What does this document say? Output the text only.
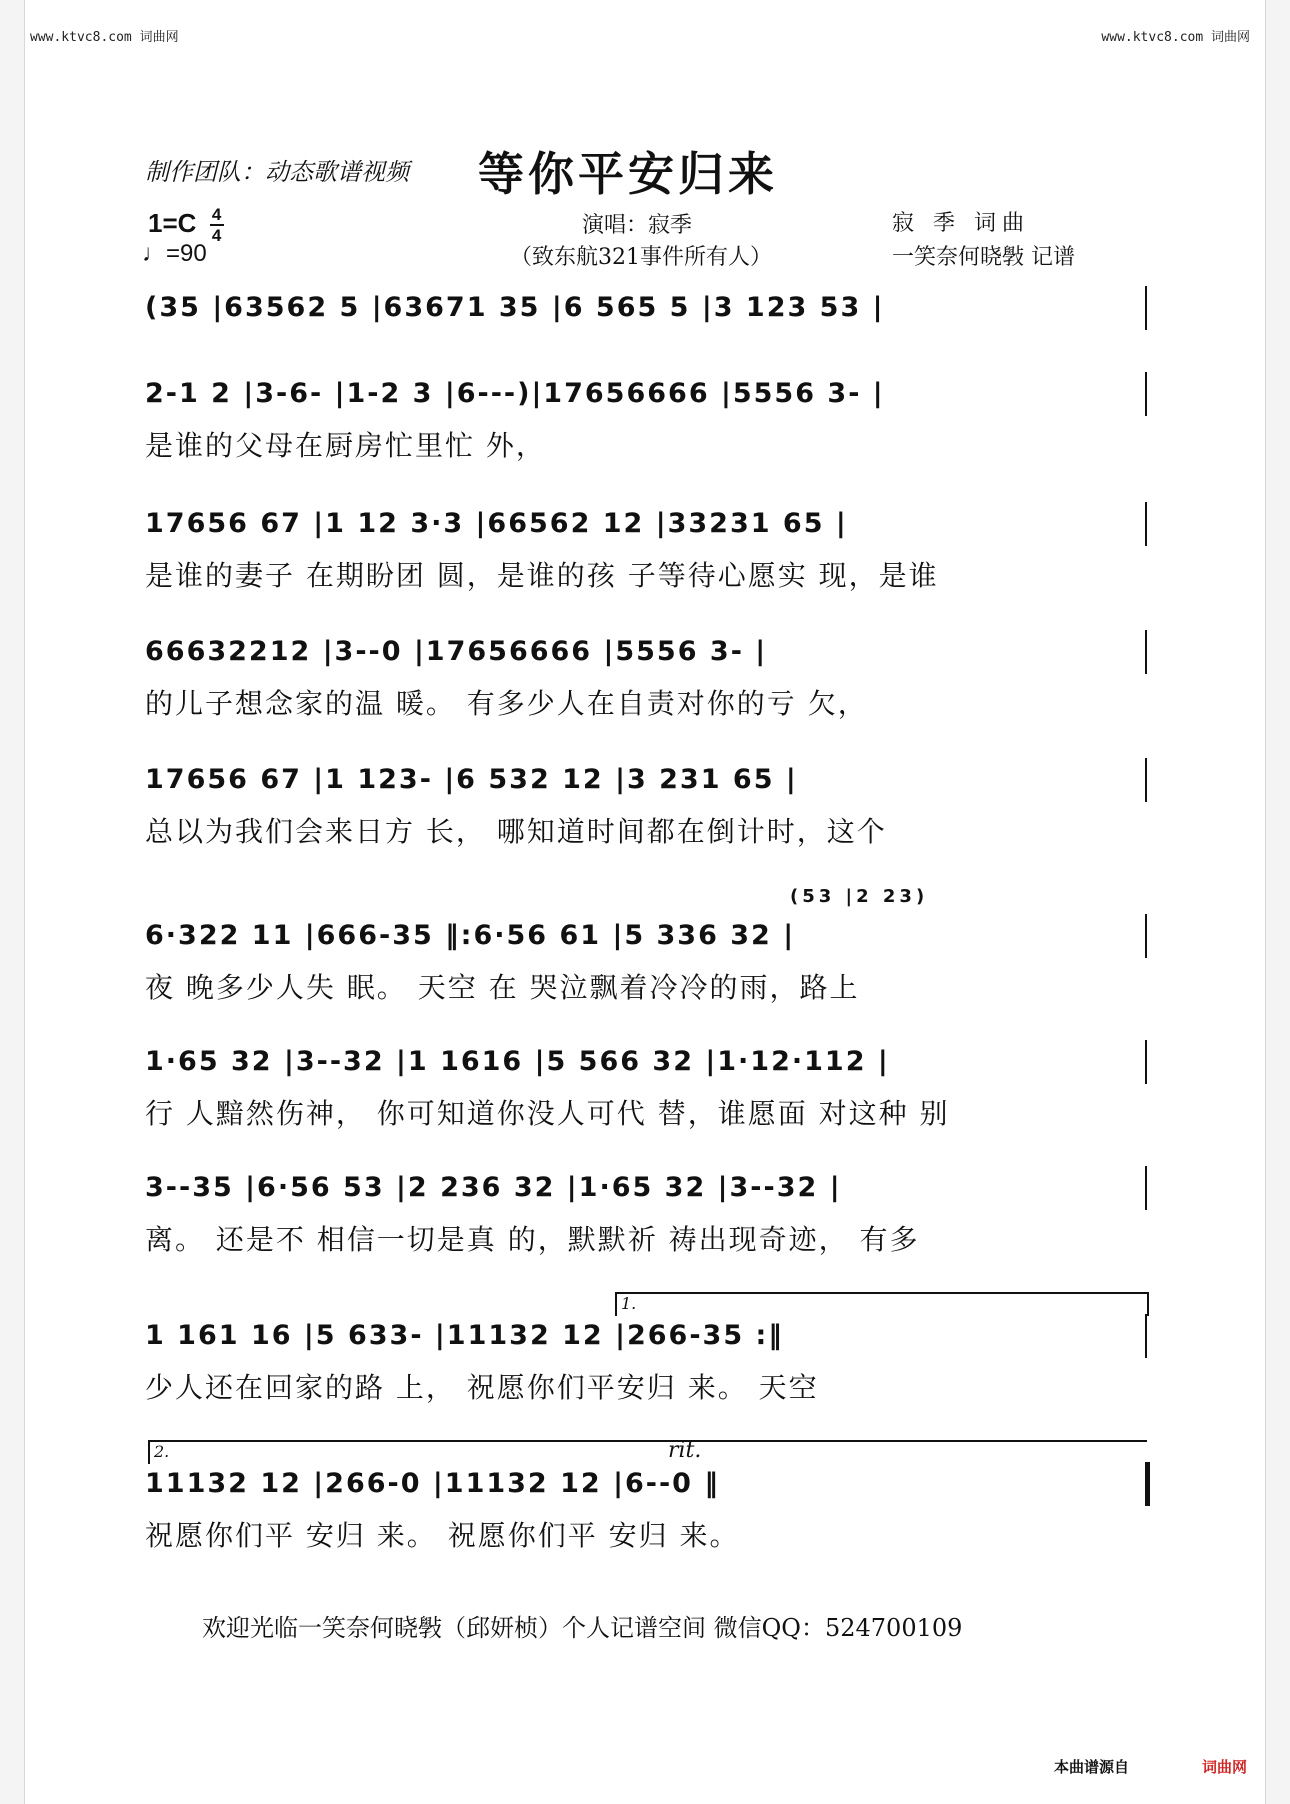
www.ktvc8.com 词曲网	www.ktvc8.com 词曲网
制作团队：动态歌谱视频 等你平安归来
$1=C \frac{4}{4}$
♩=90
演唱：寂季
（致东航321事件所有人）
寂 季 词曲
一笑奈何晓斅 记谱
(35 |63562 5 |63671 35 |6 565 5 |3 123 53 |
2-1 2 |3-6- |1-2 3 |6---)|17656666 |5556 3- |
是谁的父母在厨房忙里忙 外，
17656 67 |1 12 3·3 |66562 12 |33231 65 |
是谁的妻子 在期盼团 圆，是谁的孩 子等待心愿实 现，是谁
66632212 |3--0 |17656666 |5556 3- |
的儿子想念家的温 暖。 有多少人在自责对你的亏 欠，
17656 67 |1 123- |6 532 12 |3 231 65 |
总以为我们会来日方 长， 哪知道时间都在倒计时，这个
6·322 11 |666-35 ‖:6·56 61 |5 336 32 |
夜 晚多少人失 眠。 天空 在 哭泣飘着冷冷的雨，路上
(53 |2 23)
1·65 32 |3--32 |1 1616 |5 566 32 |1·12·112 |
行 人黯然伤神， 你可知道你没人可代 替，谁愿面 对这种 别
3--35 |6·56 53 |2 236 32 |1·65 32 |3--32 |
离。 还是不 相信一切是真 的，默默祈 祷出现奇迹， 有多
1 161 16 |5 633- |11132 12 |266-35 :‖
少人还在回家的路 上， 祝愿你们平安归 来。 天空
1.
11132 12 |266-0 |11132 12 |6--0 ‖
祝愿你们平 安归 来。 祝愿你们平 安归 来。
2.	rit.
欢迎光临一笑奈何晓斅（邱妍桢）个人记谱空间 微信QQ：524700109
本曲谱源自	词曲网
